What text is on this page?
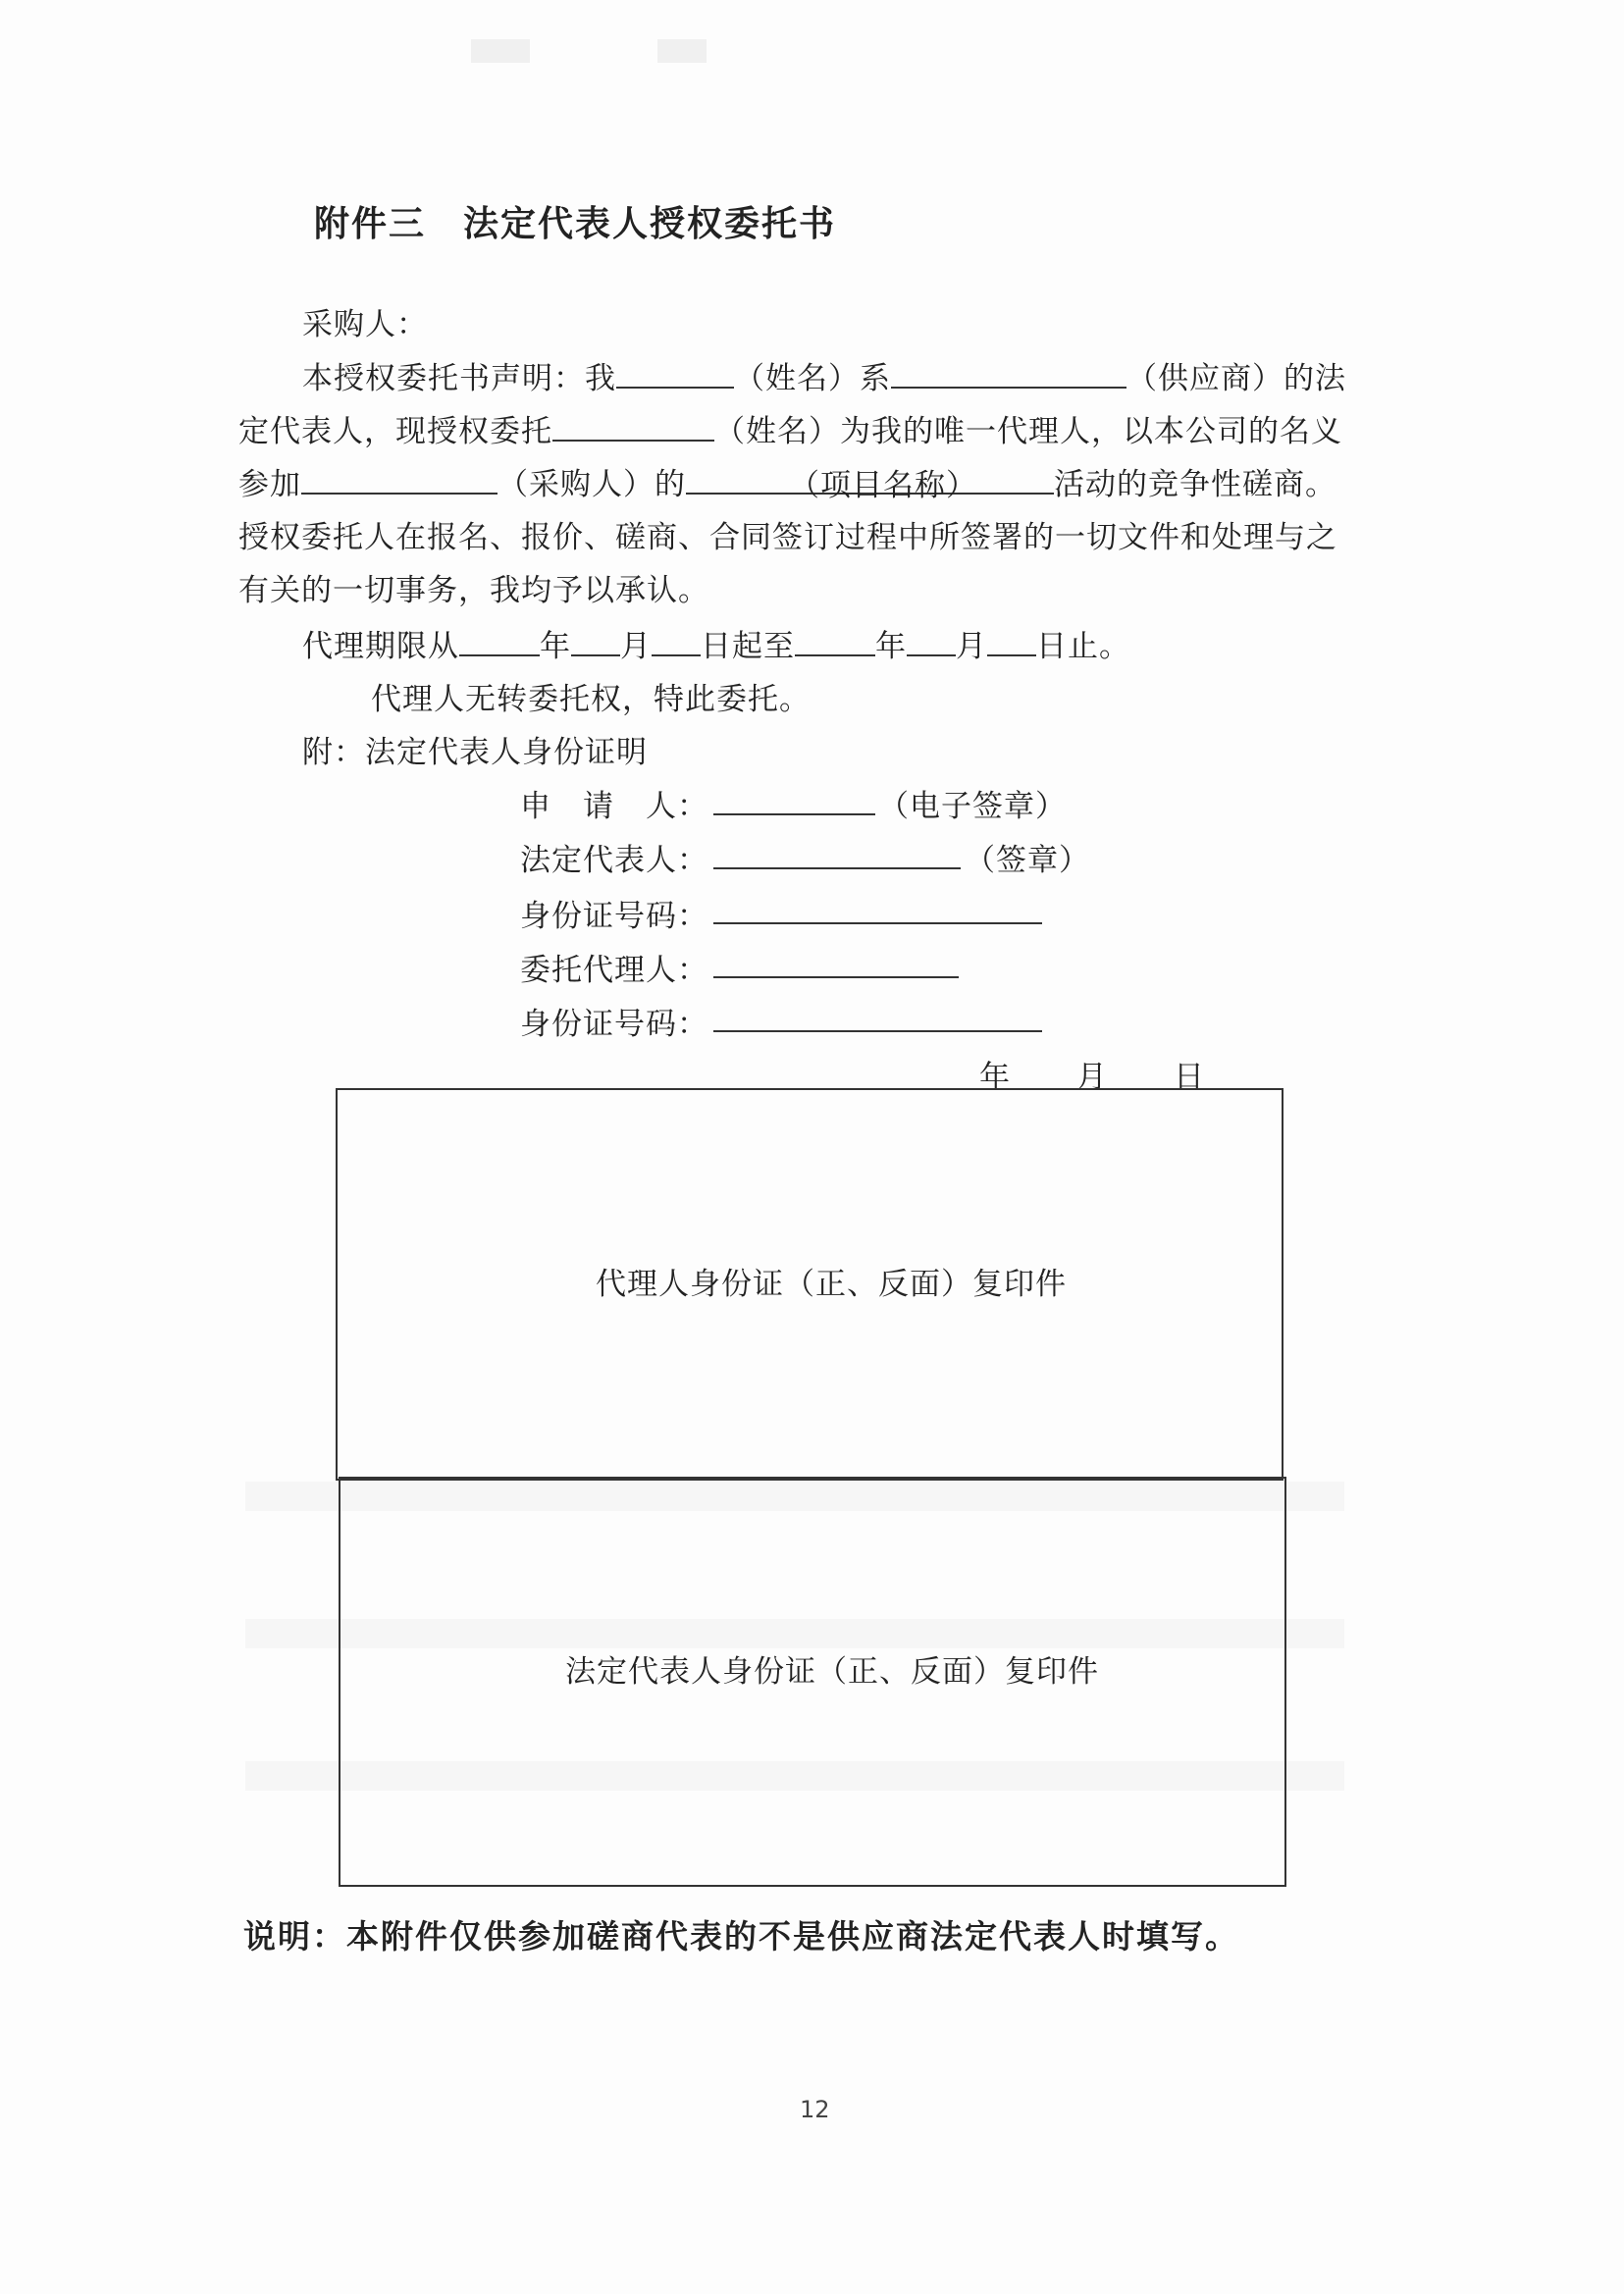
附件三　法定代表人授权委托书
采购人：
本授权委托书声明：我	（姓名）系	（供应商）的法
定代表人，现授权委托	（姓名）为我的唯一代理人，以本公司的名义
参加	（采购人）的	（项目名称）	活动的竞争性磋商。
授权委托人在报名、报价、磋商、合同签订过程中所签署的一切文件和处理与之
有关的一切事务，我均予以承认。
代理期限从	年 月 日起至	年 月 日止。
代理人无转委托权，特此委托。
附：法定代表人身份证明
申　请　人：	（电子签章）
法定代表人：	（签章）
身份证号码：
委托代理人：
身份证号码：
年 月 日
代理人身份证（正、反面）复印件
法定代表人身份证（正、反面）复印件
说明：本附件仅供参加磋商代表的不是供应商法定代表人时填写。
12
